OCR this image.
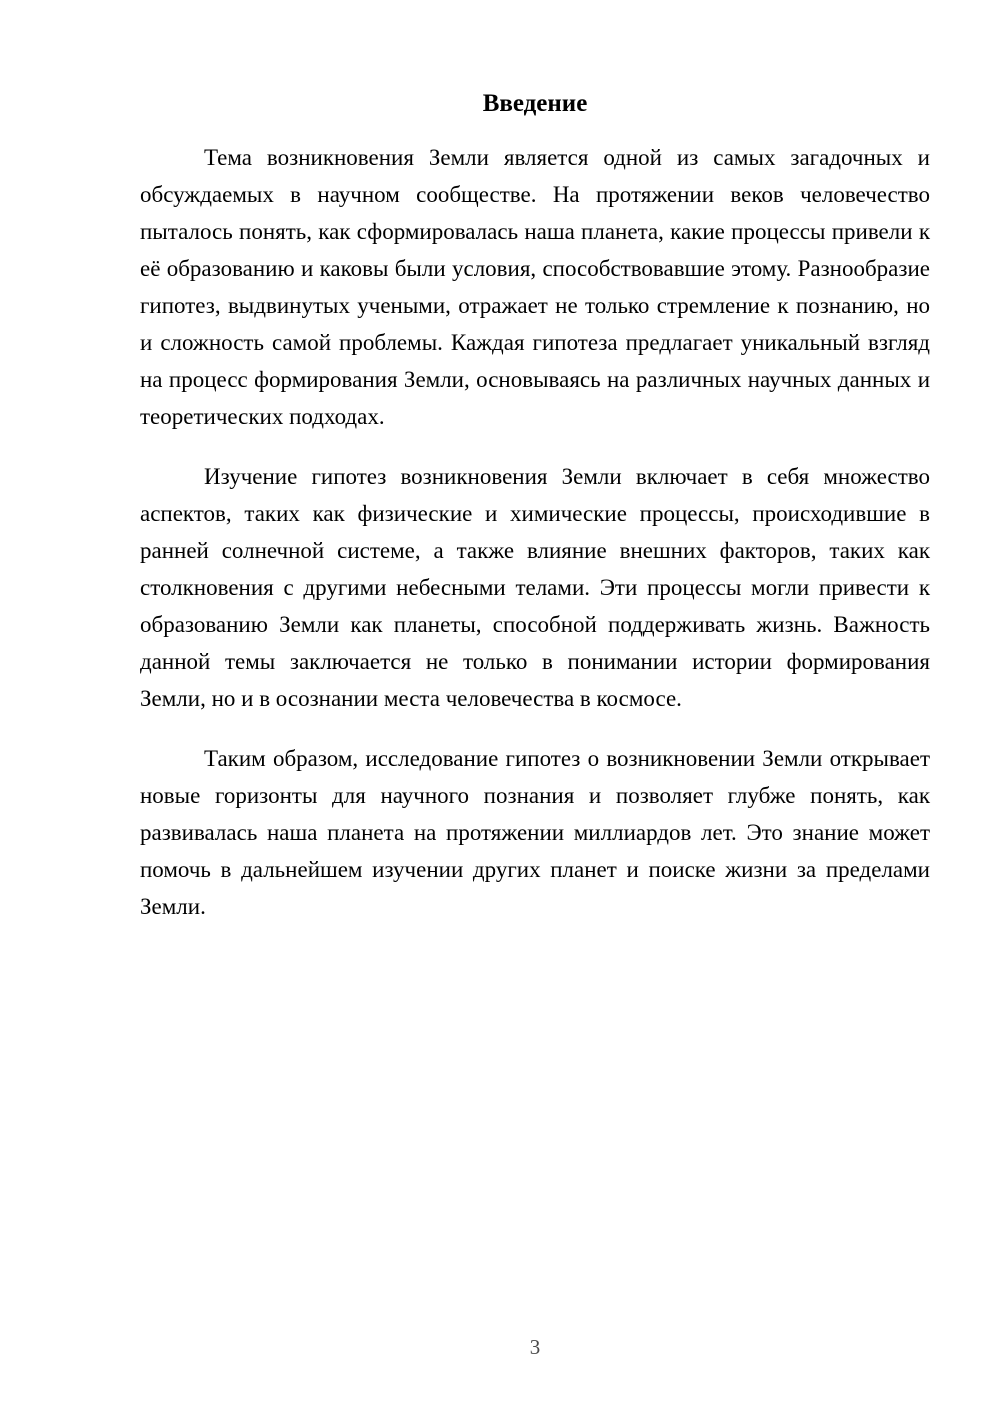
Введение

Тема возникновения Земли является одной из самых загадочных и обсуждаемых в научном сообществе. На протяжении веков человечество пыталось понять, как сформировалась наша планета, какие процессы привели к её образованию и каковы были условия, способствовавшие этому. Разнообразие гипотез, выдвинутых учеными, отражает не только стремление к познанию, но и сложность самой проблемы. Каждая гипотеза предлагает уникальный взгляд на процесс формирования Земли, основываясь на различных научных данных и теоретических подходах.

Изучение гипотез возникновения Земли включает в себя множество аспектов, таких как физические и химические процессы, происходившие в ранней солнечной системе, а также влияние внешних факторов, таких как столкновения с другими небесными телами. Эти процессы могли привести к образованию Земли как планеты, способной поддерживать жизнь. Важность данной темы заключается не только в понимании истории формирования Земли, но и в осознании места человечества в космосе.

Таким образом, исследование гипотез о возникновении Земли открывает новые горизонты для научного познания и позволяет глубже понять, как развивалась наша планета на протяжении миллиардов лет. Это знание может помочь в дальнейшем изучении других планет и поиске жизни за пределами Земли.

3
